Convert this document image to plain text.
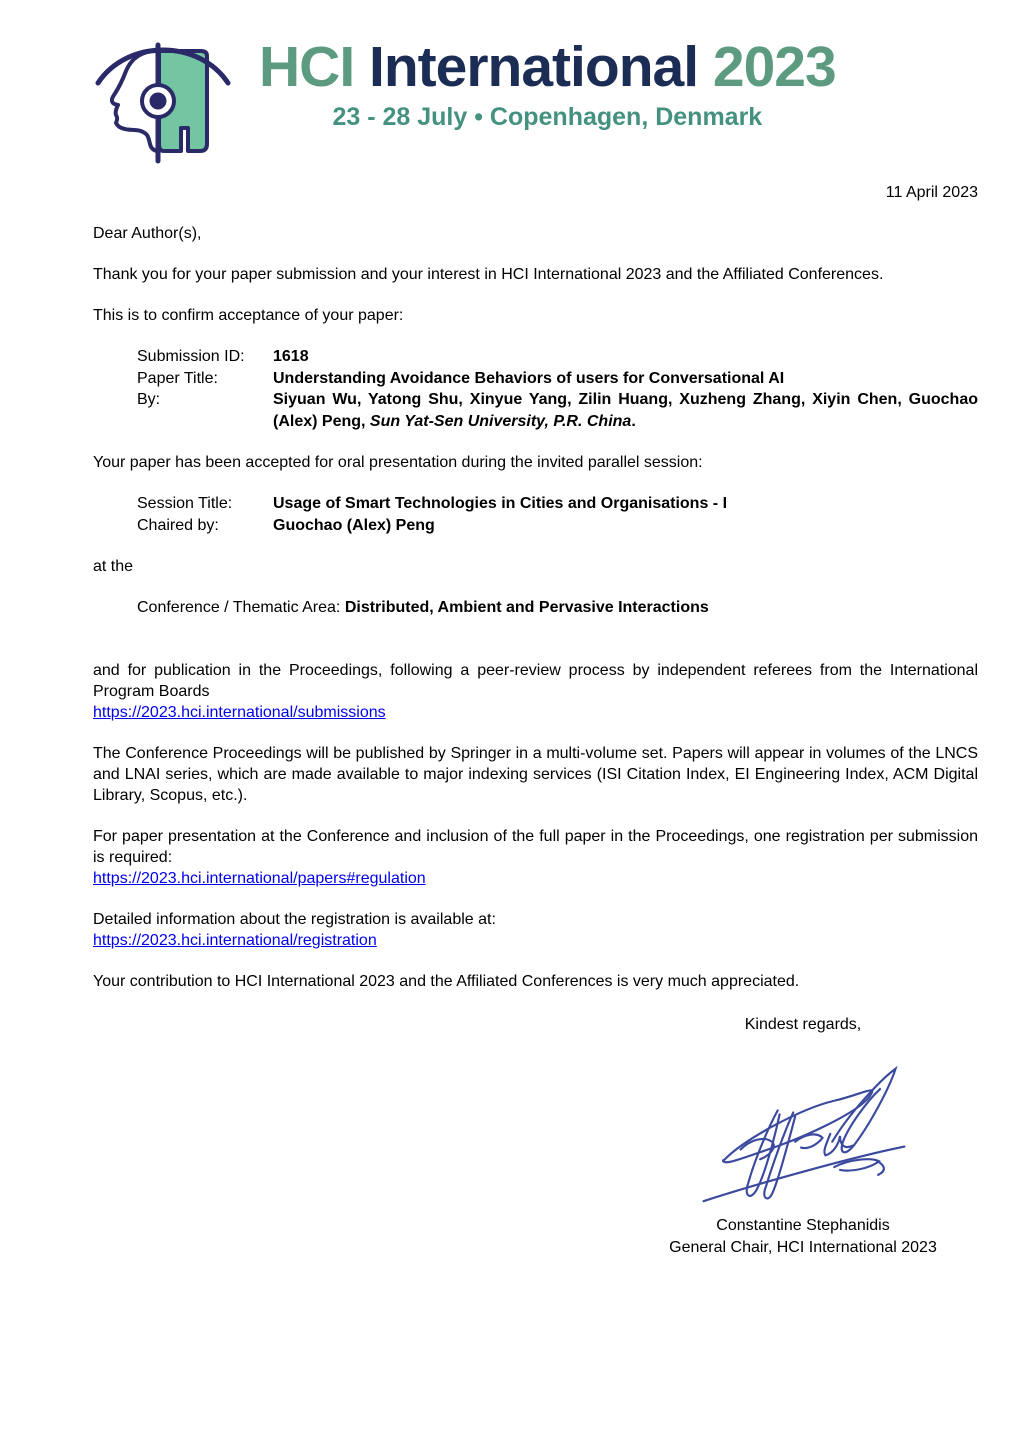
HCI International 2023
23 - 28 July • Copenhagen, Denmark
11 April 2023

Dear Author(s),

Thank you for your paper submission and your interest in HCI International 2023 and the Affiliated Conferences.

This is to confirm acceptance of your paper:

Submission ID:	1618
Paper Title:	Understanding Avoidance Behaviors of users for Conversational AI
By:	Siyuan Wu, Yatong Shu, Xinyue Yang, Zilin Huang, Xuzheng Zhang, Xiyin Chen, Guochao (Alex) Peng, Sun Yat-Sen University, P.R. China.

Your paper has been accepted for oral presentation during the invited parallel session:

Session Title:	Usage of Smart Technologies in Cities and Organisations - I
Chaired by:	Guochao (Alex) Peng

at the

Conference / Thematic Area: Distributed, Ambient and Pervasive Interactions

and for publication in the Proceedings, following a peer-review process by independent referees from the International Program Boards
https://2023.hci.international/submissions

The Conference Proceedings will be published by Springer in a multi-volume set. Papers will appear in volumes of the LNCS and LNAI series, which are made available to major indexing services (ISI Citation Index, EI Engineering Index, ACM Digital Library, Scopus, etc.).

For paper presentation at the Conference and inclusion of the full paper in the Proceedings, one registration per submission is required:
https://2023.hci.international/papers#regulation

Detailed information about the registration is available at:
https://2023.hci.international/registration

Your contribution to HCI International 2023 and the Affiliated Conferences is very much appreciated.

Kindest regards,
Constantine Stephanidis
General Chair, HCI International 2023
